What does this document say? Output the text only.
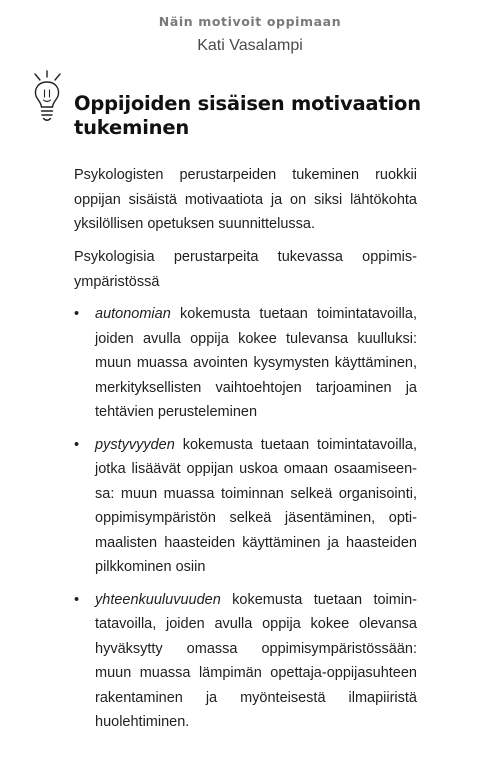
Näin motivoit oppimaan
Kati Vasalampi
Oppijoiden sisäisen motivaation tukeminen

Psykologisten perustarpeiden tukeminen ruokkii oppijan sisäistä motivaatiota ja on siksi lähtökohta yksilöllisen opetuksen suunnittelussa.

Psykologisia perustarpeita tukevassa oppimisympäristössä

• autonomian kokemusta tuetaan toimintatavoilla, joiden avulla oppija kokee tulevansa kuulluksi: muun muassa avointen kysymysten käyttäminen, merkityksellisten vaihtoehtojen tarjoaminen ja tehtävien perusteleminen
• pystyvyyden kokemusta tuetaan toimintatavoilla, jotka lisäävät oppijan uskoa omaan osaamiseensa: muun muassa toiminnan selkeä organisointi, oppimisympäristön selkeä jäsentäminen, optimaalisten haasteiden käyttäminen ja haasteiden pilkkominen osiin
• yhteenkuuluvuuden kokemusta tuetaan toimintatavoilla, joiden avulla oppija kokee olevansa hyväksytty omassa oppimisympäristössään: muun muassa lämpimän opettaja-oppijasuhteen rakentaminen ja myönteisestä ilmapiiristä huolehtiminen.
